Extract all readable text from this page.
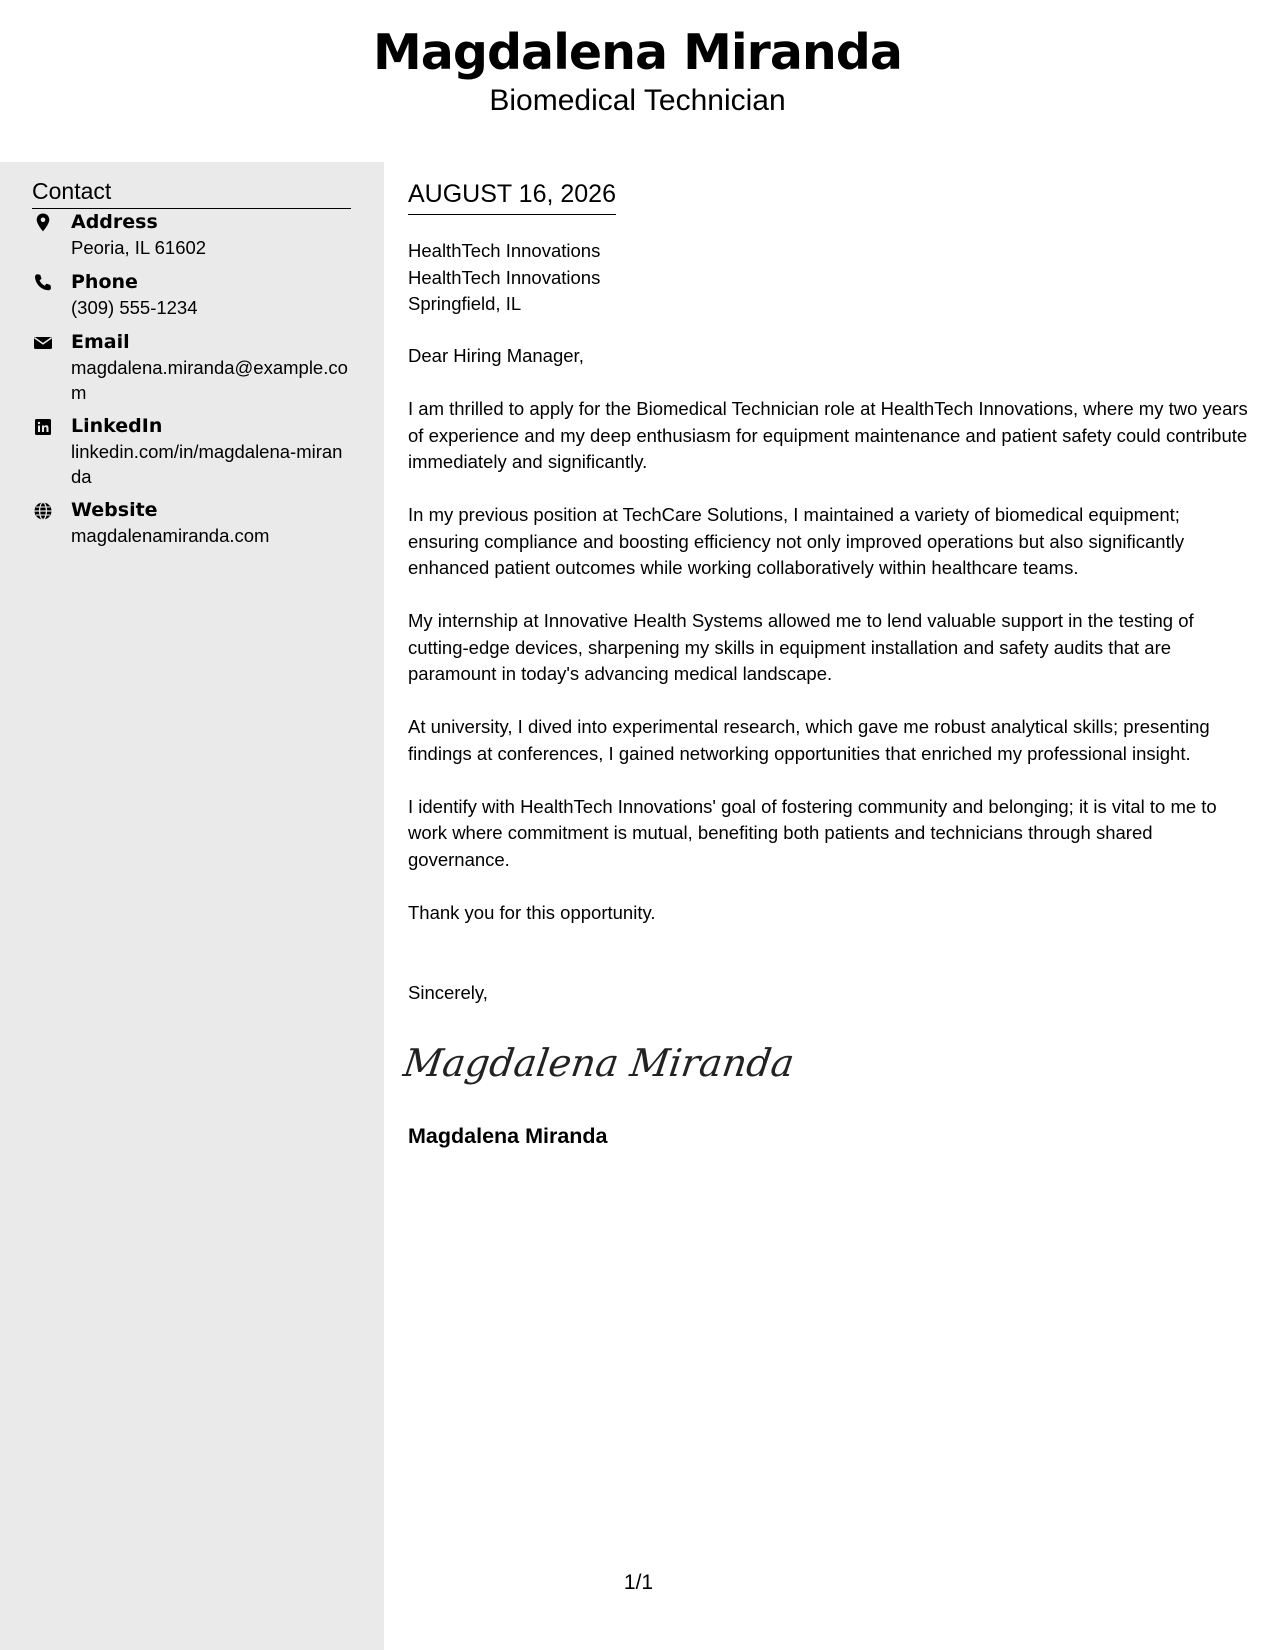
Magdalena Miranda
Biomedical Technician
Contact
Address
Peoria, IL 61602
Phone
(309) 555-1234
Email
magdalena.miranda@example.com
LinkedIn
linkedin.com/in/magdalena-miranda
Website
magdalenamiranda.com
AUGUST 16, 2026
HealthTech Innovations
HealthTech Innovations
Springfield, IL

Dear Hiring Manager,

I am thrilled to apply for the Biomedical Technician role at HealthTech Innovations, where my two years of experience and my deep enthusiasm for equipment maintenance and patient safety could contribute immediately and significantly.

In my previous position at TechCare Solutions, I maintained a variety of biomedical equipment; ensuring compliance and boosting efficiency not only improved operations but also significantly enhanced patient outcomes while working collaboratively within healthcare teams.

My internship at Innovative Health Systems allowed me to lend valuable support in the testing of cutting-edge devices, sharpening my skills in equipment installation and safety audits that are paramount in today's advancing medical landscape.

At university, I dived into experimental research, which gave me robust analytical skills; presenting findings at conferences, I gained networking opportunities that enriched my professional insight.

I identify with HealthTech Innovations' goal of fostering community and belonging; it is vital to me to work where commitment is mutual, benefiting both patients and technicians through shared governance.

Thank you for this opportunity.

Sincerely,
Magdalena Miranda
Magdalena Miranda
1/1
